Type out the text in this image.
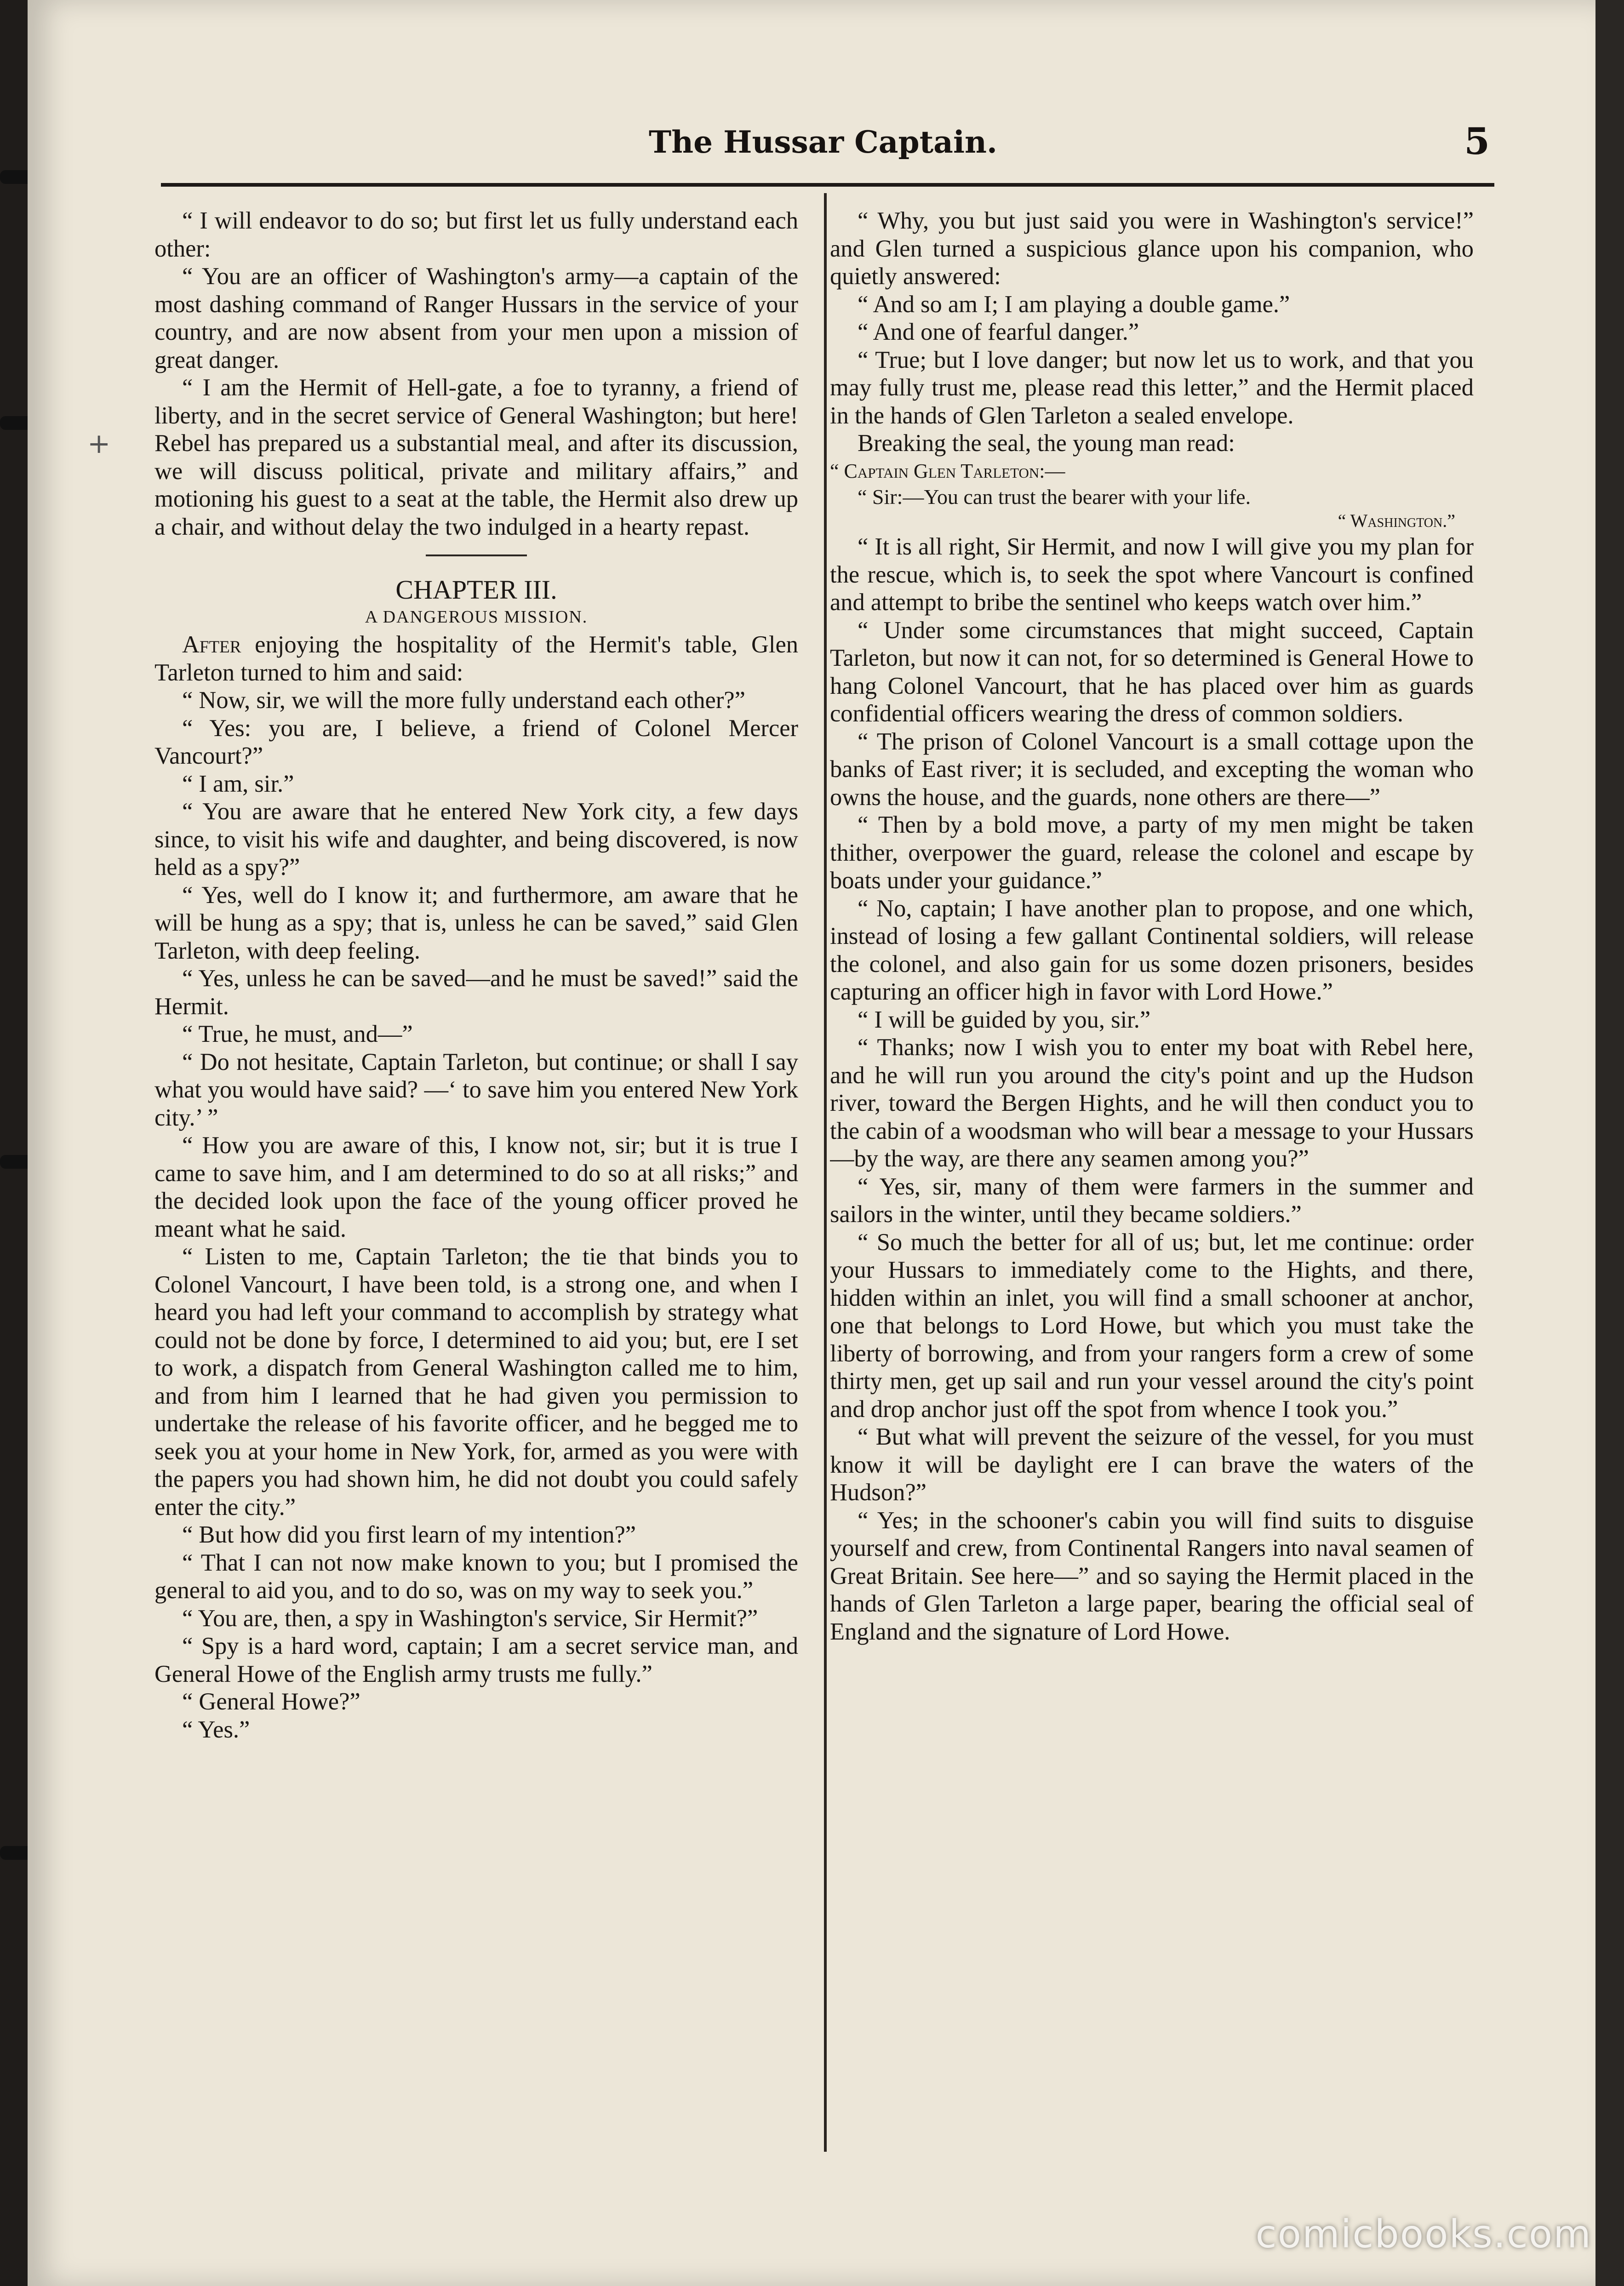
The Hussar Captain.	5
+

“ I will endeavor to do so; but first let us fully understand each other:

“ You are an officer of Washington's army—a captain of the most dashing command of Ranger Hussars in the service of your country, and are now absent from your men upon a mission of great danger.

“ I am the Hermit of Hell-gate, a foe to tyranny, a friend of liberty, and in the secret service of General Washington; but here! Rebel has prepared us a substantial meal, and after its discussion, we will discuss political, private and military affairs,” and motioning his guest to a seat at the table, the Hermit also drew up a chair, and without delay the two indulged in a hearty repast.

CHAPTER III.
A DANGEROUS MISSION.

After enjoying the hospitality of the Hermit's table, Glen Tarleton turned to him and said:

“ Now, sir, we will the more fully understand each other?”

“ Yes: you are, I believe, a friend of Colonel Mercer Vancourt?”

“ I am, sir.”

“ You are aware that he entered New York city, a few days since, to visit his wife and daughter, and being discovered, is now held as a spy?”

“ Yes, well do I know it; and furthermore, am aware that he will be hung as a spy; that is, unless he can be saved,” said Glen Tarleton, with deep feeling.

“ Yes, unless he can be saved—and he must be saved!” said the Hermit.

“ True, he must, and—”

“ Do not hesitate, Captain Tarleton, but continue; or shall I say what you would have said? —‘ to save him you entered New York city.’ ”

“ How you are aware of this, I know not, sir; but it is true I came to save him, and I am determined to do so at all risks;” and the decided look upon the face of the young officer proved he meant what he said.

“ Listen to me, Captain Tarleton; the tie that binds you to Colonel Vancourt, I have been told, is a strong one, and when I heard you had left your command to accomplish by strategy what could not be done by force, I determined to aid you; but, ere I set to work, a dispatch from General Washington called me to him, and from him I learned that he had given you permission to undertake the release of his favorite officer, and he begged me to seek you at your home in New York, for, armed as you were with the papers you had shown him, he did not doubt you could safely enter the city.”

“ But how did you first learn of my intention?”

“ That I can not now make known to you; but I promised the general to aid you, and to do so, was on my way to seek you.”

“ You are, then, a spy in Washington's service, Sir Hermit?”

“ Spy is a hard word, captain; I am a secret service man, and General Howe of the English army trusts me fully.”

“ General Howe?”

“ Yes.”

“ Why, you but just said you were in Washington's service!” and Glen turned a suspicious glance upon his companion, who quietly answered:

“ And so am I; I am playing a double game.”

“ And one of fearful danger.”

“ True; but I love danger; but now let us to work, and that you may fully trust me, please read this letter,” and the Hermit placed in the hands of Glen Tarleton a sealed envelope.

Breaking the seal, the young man read:

“ Captain Glen Tarleton:—

“ Sir:—You can trust the bearer with your life.

“ Washington.”

“ It is all right, Sir Hermit, and now I will give you my plan for the rescue, which is, to seek the spot where Vancourt is confined and attempt to bribe the sentinel who keeps watch over him.”

“ Under some circumstances that might succeed, Captain Tarleton, but now it can not, for so determined is General Howe to hang Colonel Vancourt, that he has placed over him as guards confidential officers wearing the dress of common soldiers.

“ The prison of Colonel Vancourt is a small cottage upon the banks of East river; it is secluded, and excepting the woman who owns the house, and the guards, none others are there—”

“ Then by a bold move, a party of my men might be taken thither, overpower the guard, release the colonel and escape by boats under your guidance.”

“ No, captain; I have another plan to propose, and one which, instead of losing a few gallant Continental soldiers, will release the colonel, and also gain for us some dozen prisoners, besides capturing an officer high in favor with Lord Howe.”

“ I will be guided by you, sir.”

“ Thanks; now I wish you to enter my boat with Rebel here, and he will run you around the city's point and up the Hudson river, toward the Bergen Hights, and he will then conduct you to the cabin of a woodsman who will bear a message to your Hussars—by the way, are there any seamen among you?”

“ Yes, sir, many of them were farmers in the summer and sailors in the winter, until they became soldiers.”

“ So much the better for all of us; but, let me continue: order your Hussars to immediately come to the Hights, and there, hidden within an inlet, you will find a small schooner at anchor, one that belongs to Lord Howe, but which you must take the liberty of borrowing, and from your rangers form a crew of some thirty men, get up sail and run your vessel around the city's point and drop anchor just off the spot from whence I took you.”

“ But what will prevent the seizure of the vessel, for you must know it will be daylight ere I can brave the waters of the Hudson?”

“ Yes; in the schooner's cabin you will find suits to disguise yourself and crew, from Continental Rangers into naval seamen of Great Britain. See here—” and so saying the Hermit placed in the hands of Glen Tarleton a large paper, bearing the official seal of England and the signature of Lord Howe.

comicbooks.com
